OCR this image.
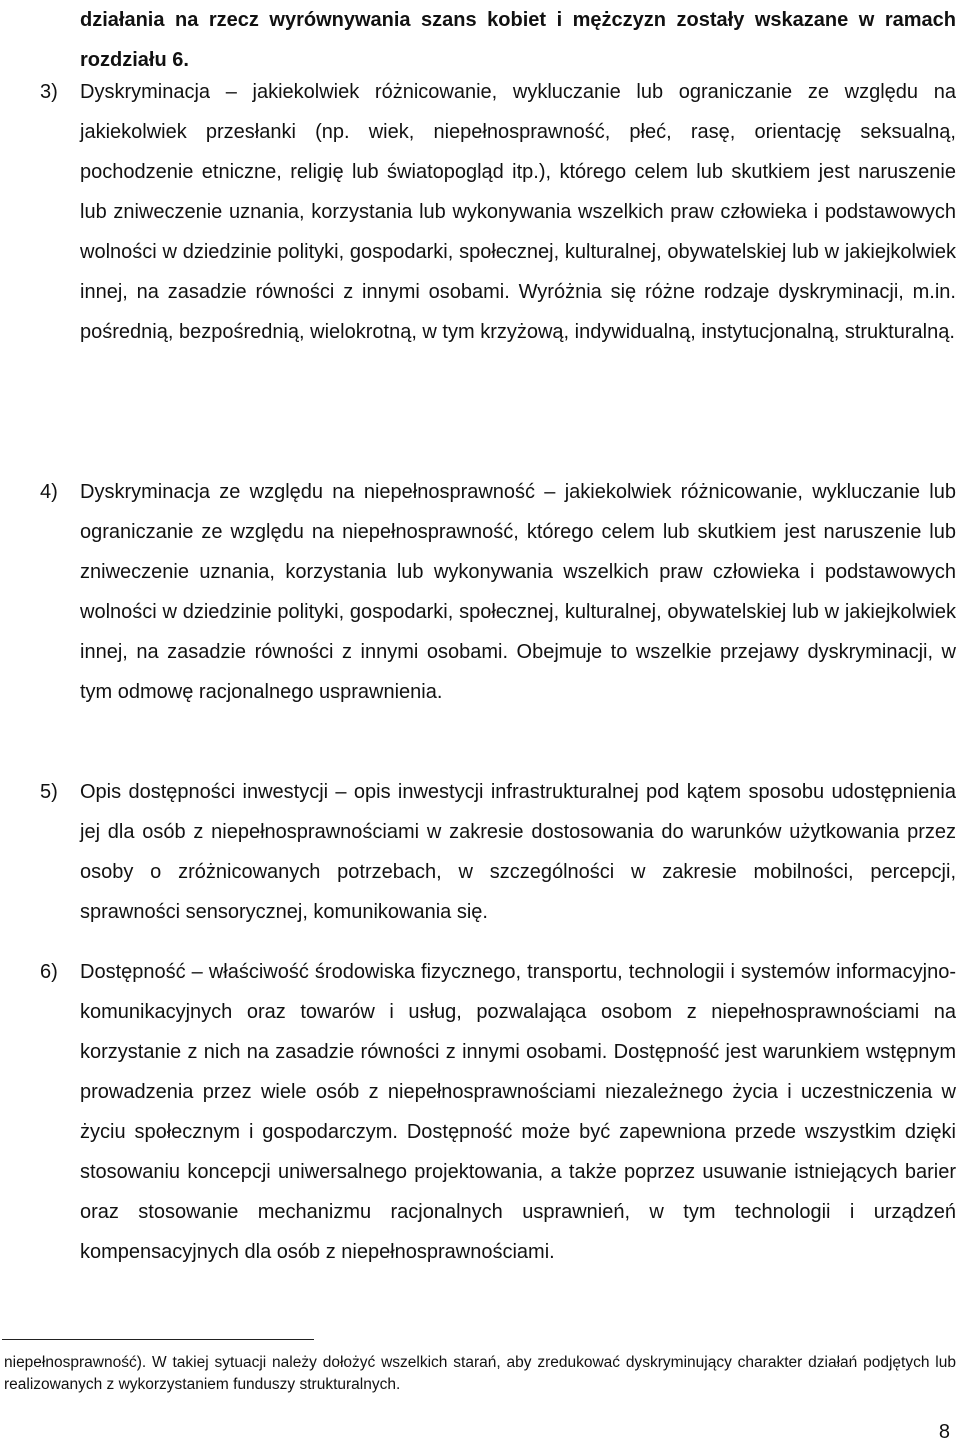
działania na rzecz wyrównywania szans kobiet i mężczyzn zostały wskazane w ramach rozdziału 6.

3)	Dyskryminacja – jakiekolwiek różnicowanie, wykluczanie lub ograniczanie ze względu na jakiekolwiek przesłanki (np. wiek, niepełnosprawność, płeć, rasę, orientację seksualną, pochodzenie etniczne, religię lub światopogląd itp.), którego celem lub skutkiem jest naruszenie lub zniweczenie uznania, korzystania lub wykonywania wszelkich praw człowieka i podstawowych wolności w dziedzinie polityki, gospodarki, społecznej, kulturalnej, obywatelskiej lub w jakiejkolwiek innej, na zasadzie równości z innymi osobami. Wyróżnia się różne rodzaje dyskryminacji, m.in. pośrednią, bezpośrednią, wielokrotną, w tym krzyżową, indywidualną, instytucjonalną, strukturalną.
4)	Dyskryminacja ze względu na niepełnosprawność – jakiekolwiek różnicowanie, wykluczanie lub ograniczanie ze względu na niepełnosprawność, którego celem lub skutkiem jest naruszenie lub zniweczenie uznania, korzystania lub wykonywania wszelkich praw człowieka i podstawowych wolności w dziedzinie polityki, gospodarki, społecznej, kulturalnej, obywatelskiej lub w jakiejkolwiek innej, na zasadzie równości z innymi osobami. Obejmuje to wszelkie przejawy dyskryminacji, w tym odmowę racjonalnego usprawnienia.
5)	Opis dostępności inwestycji – opis inwestycji infrastrukturalnej pod kątem sposobu udostępnienia jej dla osób z niepełnosprawnościami w zakresie dostosowania do warunków użytkowania przez osoby o zróżnicowanych potrzebach, w szczególności w zakresie mobilności, percepcji, sprawności sensorycznej, komunikowania się.
6)	Dostępność – właściwość środowiska fizycznego, transportu, technologii i systemów informacyjno-komunikacyjnych oraz towarów i usług, pozwalająca osobom z niepełnosprawnościami na korzystanie z nich na zasadzie równości z innymi osobami. Dostępność jest warunkiem wstępnym prowadzenia przez wiele osób z niepełnosprawnościami niezależnego życia i uczestniczenia w życiu społecznym i gospodarczym. Dostępność może być zapewniona przede wszystkim dzięki stosowaniu koncepcji uniwersalnego projektowania, a także poprzez usuwanie istniejących barier oraz stosowanie mechanizmu racjonalnych usprawnień, w tym technologii i urządzeń kompensacyjnych dla osób z niepełnosprawnościami.
niepełnosprawność). W takiej sytuacji należy dołożyć wszelkich starań, aby zredukować dyskryminujący charakter działań podjętych lub realizowanych z wykorzystaniem funduszy strukturalnych.
8
